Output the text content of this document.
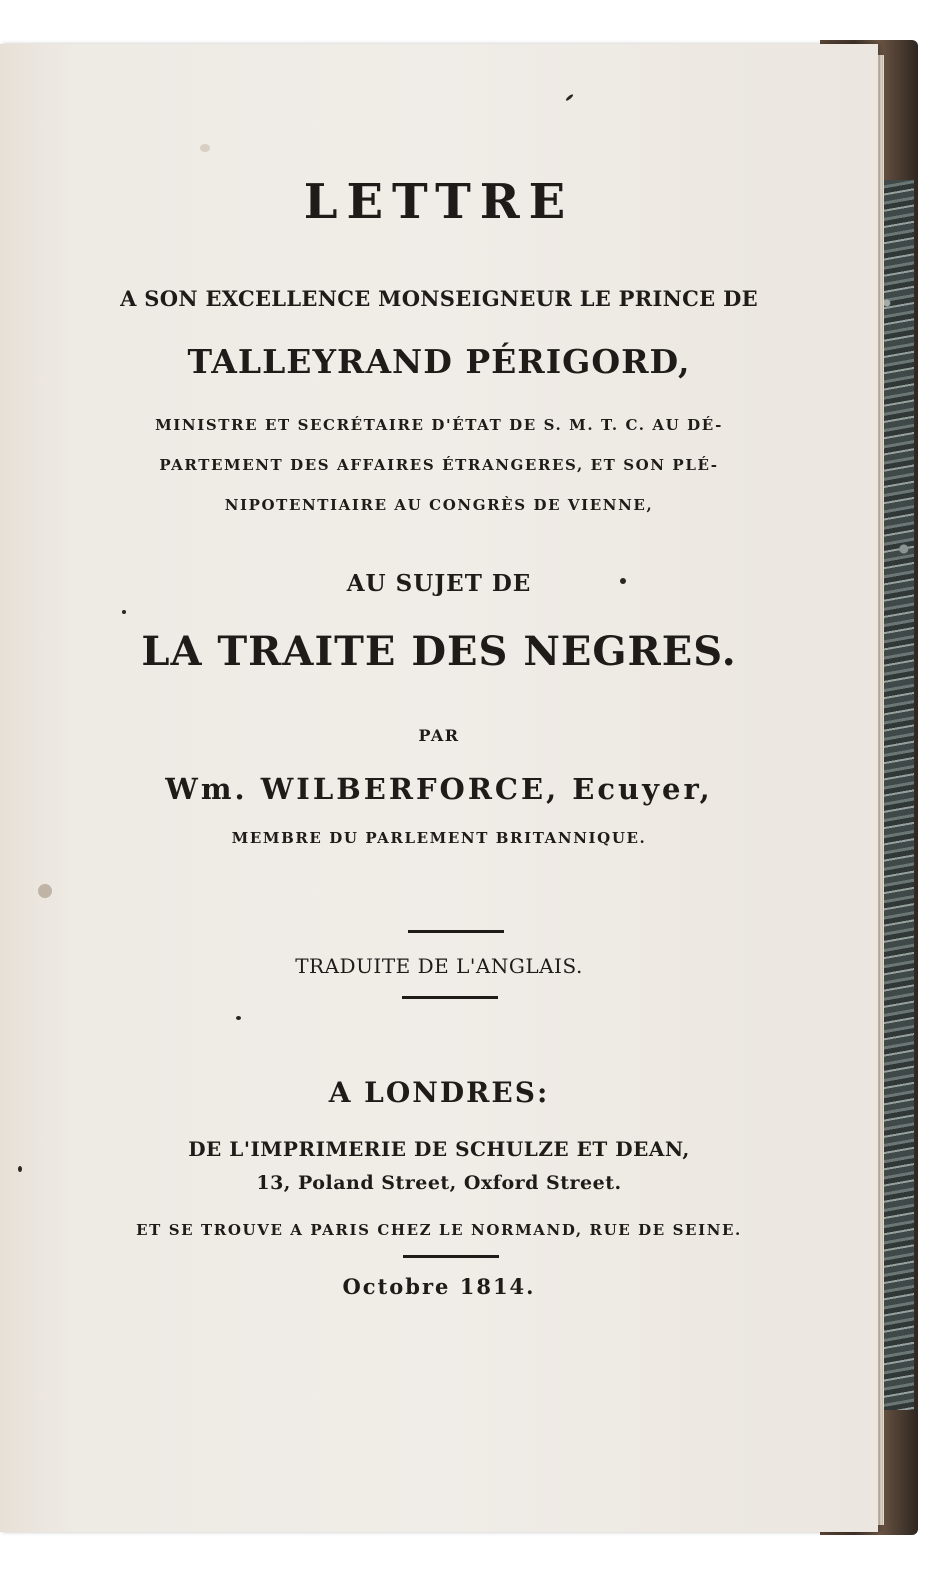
LETTRE
A SON EXCELLENCE MONSEIGNEUR LE PRINCE DE
TALLEYRAND PÉRIGORD,
MINISTRE ET SECRÉTAIRE D'ÉTAT DE S. M. T. C. AU DÉ-
PARTEMENT DES AFFAIRES ÉTRANGERES, ET SON PLÉ-
NIPOTENTIAIRE AU CONGRÈS DE VIENNE,
AU SUJET DE
LA TRAITE DES NEGRES.
PAR
Wm. WILBERFORCE, Ecuyer,
MEMBRE DU PARLEMENT BRITANNIQUE.
TRADUITE DE L'ANGLAIS.
A LONDRES:
DE L'IMPRIMERIE DE SCHULZE ET DEAN,
13, Poland Street, Oxford Street.
ET SE TROUVE A PARIS CHEZ LE NORMAND, RUE DE SEINE.
Octobre 1814.
